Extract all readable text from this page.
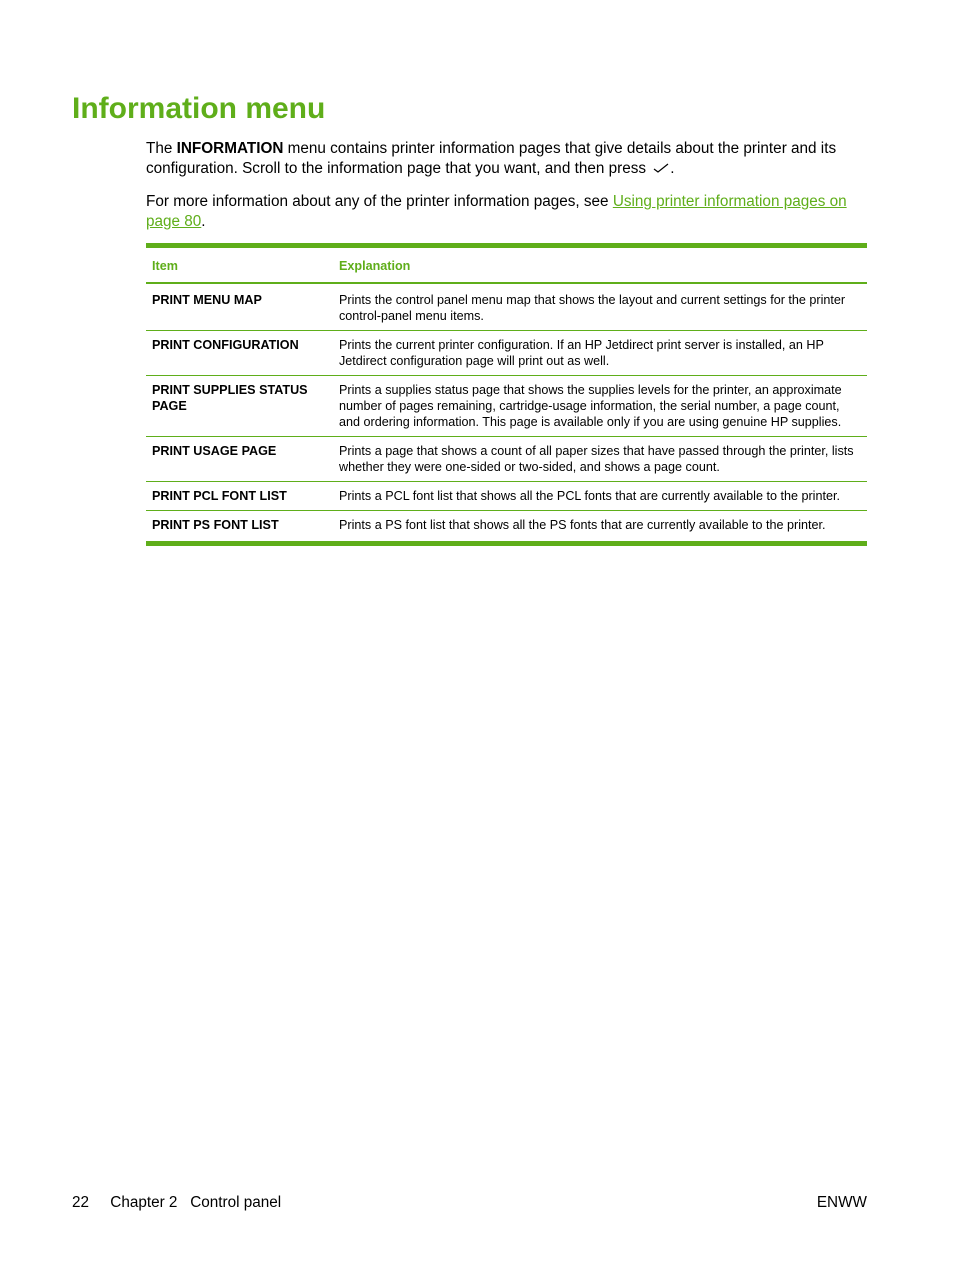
Information menu

The INFORMATION menu contains printer information pages that give details about the printer and its configuration. Scroll to the information page that you want, and then press .

For more information about any of the printer information pages, see Using printer information pages on page 80.

Item	Explanation
PRINT MENU MAP	Prints the control panel menu map that shows the layout and current settings for the printer control-panel menu items.
PRINT CONFIGURATION	Prints the current printer configuration. If an HP Jetdirect print server is installed, an HP Jetdirect configuration page will print out as well.
PRINT SUPPLIES STATUS PAGE	Prints a supplies status page that shows the supplies levels for the printer, an approximate number of pages remaining, cartridge-usage information, the serial number, a page count, and ordering information. This page is available only if you are using genuine HP supplies.
PRINT USAGE PAGE	Prints a page that shows a count of all paper sizes that have passed through the printer, lists whether they were one-sided or two-sided, and shows a page count.
PRINT PCL FONT LIST	Prints a PCL font list that shows all the PCL fonts that are currently available to the printer.
PRINT PS FONT LIST	Prints a PS font list that shows all the PS fonts that are currently available to the printer.
22 Chapter 2 Control panel	ENWW
